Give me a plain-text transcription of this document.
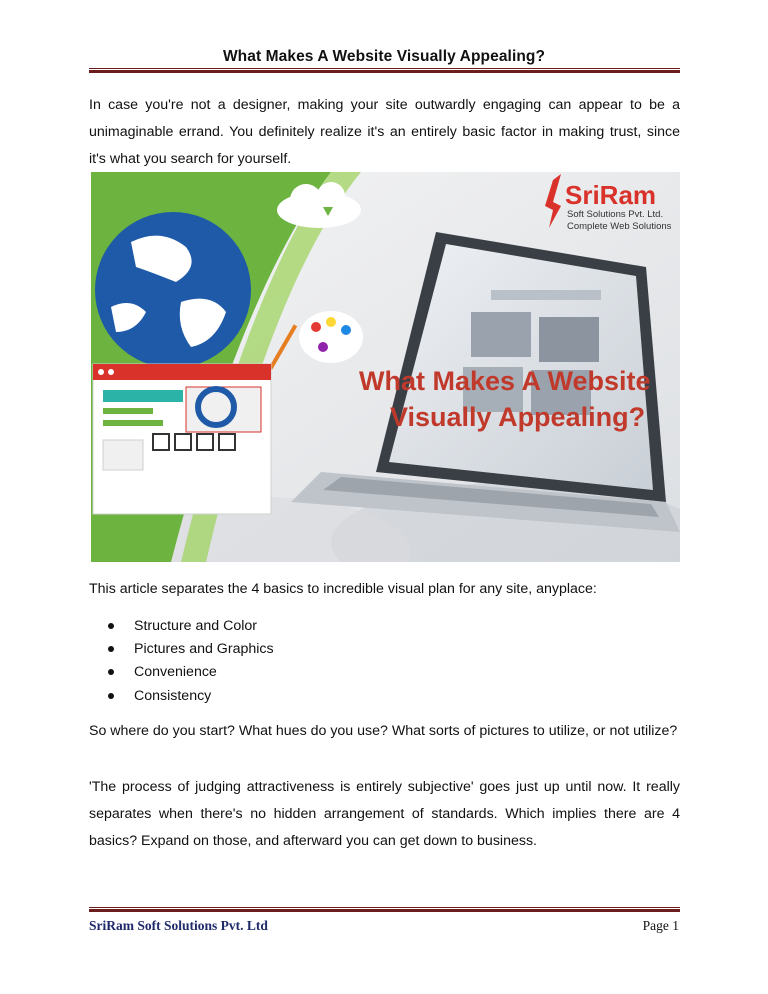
What Makes A Website Visually Appealing?
In case you're not a designer, making your site outwardly engaging can appear to be a unimaginable errand. You definitely realize it's an entirely basic factor in making trust, since it's what you search for yourself.
SriRam
Soft Solutions Pvt. Ltd.
Complete Web Solutions
What Makes A Website
Visually Appealing?
This article separates the 4 basics to incredible visual plan for any site, anyplace:
Structure and Color
Pictures and Graphics
Convenience
Consistency
So where do you start? What hues do you use? What sorts of pictures to utilize, or not utilize?
'The process of judging attractiveness is entirely subjective' goes just up until now. It really separates when there's no hidden arrangement of standards. Which implies there are 4 basics? Expand on those, and afterward you can get down to business.
SriRam Soft Solutions Pvt. Ltd	Page 1
